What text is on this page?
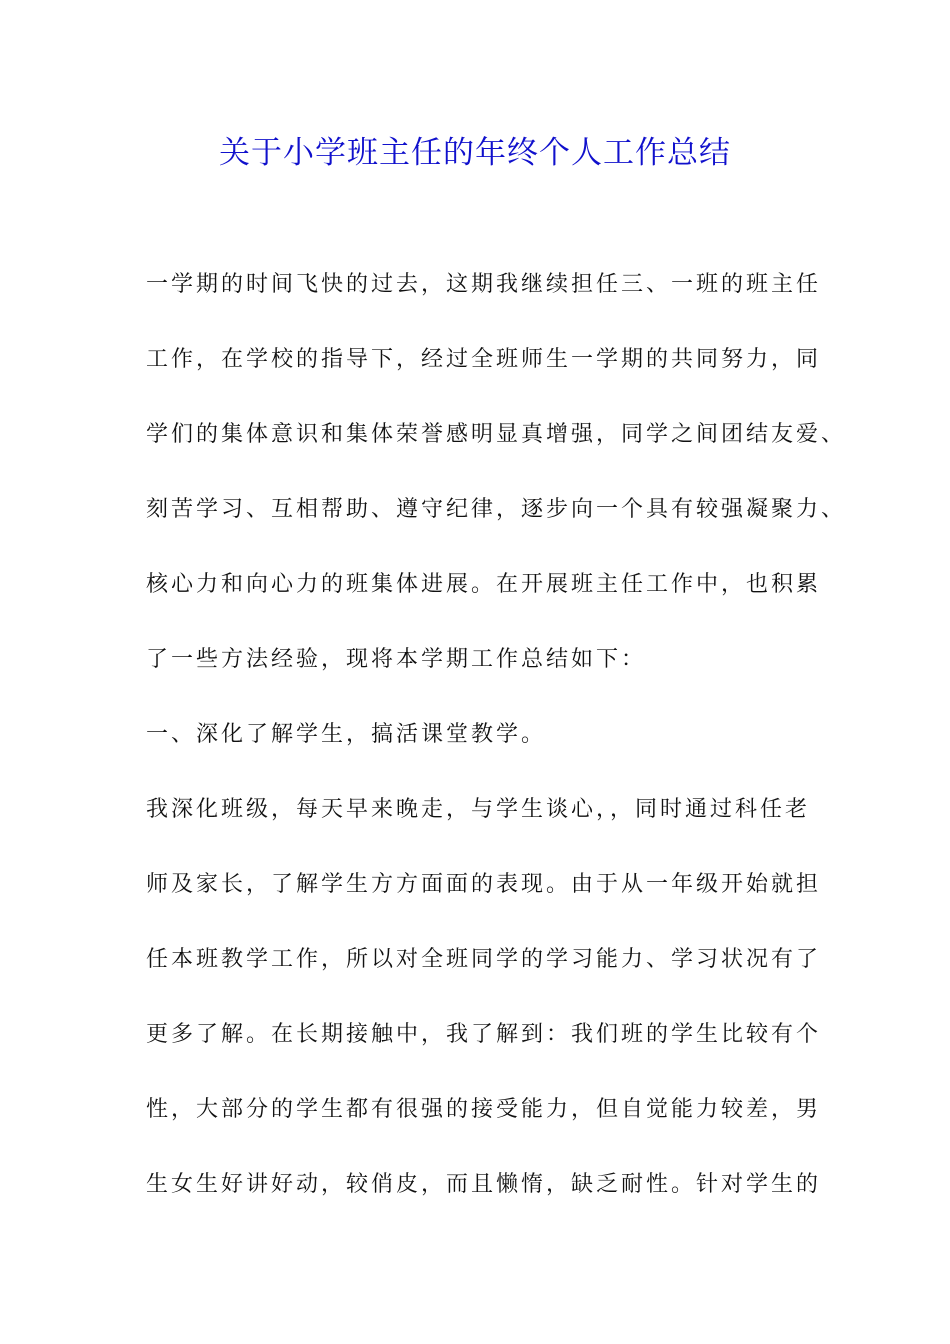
关于小学班主任的年终个人工作总结
一学期的时间飞快的过去，这期我继续担任三、一班的班主任
工作，在学校的指导下，经过全班师生一学期的共同努力，同
学们的集体意识和集体荣誉感明显真增强，同学之间团结友爱、
刻苦学习、互相帮助、遵守纪律，逐步向一个具有较强凝聚力、
核心力和向心力的班集体进展。在开展班主任工作中，也积累
了一些方法经验，现将本学期工作总结如下：
一、深化了解学生，搞活课堂教学。
我深化班级，每天早来晚走，与学生谈心，，同时通过科任老
师及家长，了解学生方方面面的表现。由于从一年级开始就担
任本班教学工作，所以对全班同学的学习能力、学习状况有了
更多了解。在长期接触中，我了解到：我们班的学生比较有个
性，大部分的学生都有很强的接受能力，但自觉能力较差，男
生女生好讲好动，较俏皮，而且懒惰，缺乏耐性。针对学生的
